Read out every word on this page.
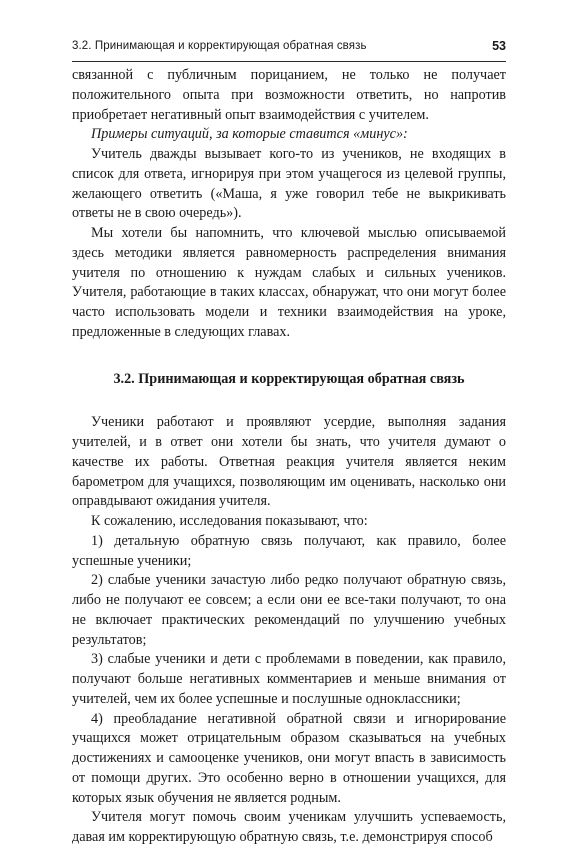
3.2. Принимающая и корректирующая обратная связь	53

связанной с публичным порицанием, не только не получает положительного опыта при возможности ответить, но напротив приобретает негативный опыт взаимодействия с учителем.

Примеры ситуаций, за которые ставится «минус»:

Учитель дважды вызывает кого-то из учеников, не входящих в список для ответа, игнорируя при этом учащегося из целевой группы, желающего ответить («Маша, я уже говорил тебе не выкрикивать ответы не в свою очередь»).

Мы хотели бы напомнить, что ключевой мыслью описываемой здесь методики является равномерность распределения внимания учителя по отношению к нуждам слабых и сильных учеников. Учителя, работающие в таких классах, обнаружат, что они могут более часто использовать модели и техники взаимодействия на уроке, предложенные в следующих главах.

3.2. Принимающая и корректирующая обратная связь

Ученики работают и проявляют усердие, выполняя задания учителей, и в ответ они хотели бы знать, что учителя думают о качестве их работы. Ответная реакция учителя является неким барометром для учащихся, позволяющим им оценивать, насколько они оправдывают ожидания учителя.

К сожалению, исследования показывают, что:

1) детальную обратную связь получают, как правило, более успешные ученики;

2) слабые ученики зачастую либо редко получают обратную связь, либо не получают ее совсем; а если они ее все-таки получают, то она не включает практических рекомендаций по улучшению учебных результатов;

3) слабые ученики и дети с проблемами в поведении, как правило, получают больше негативных комментариев и меньше внимания от учителей, чем их более успешные и послушные одноклассники;

4) преобладание негативной обратной связи и игнорирование учащихся может отрицательным образом сказываться на учебных достижениях и самооценке учеников, они могут впасть в зависимость от помощи других. Это особенно верно в отношении учащихся, для которых язык обучения не является родным.

Учителя могут помочь своим ученикам улучшить успеваемость, давая им корректирующую обратную связь, т.е. демонстрируя способ
